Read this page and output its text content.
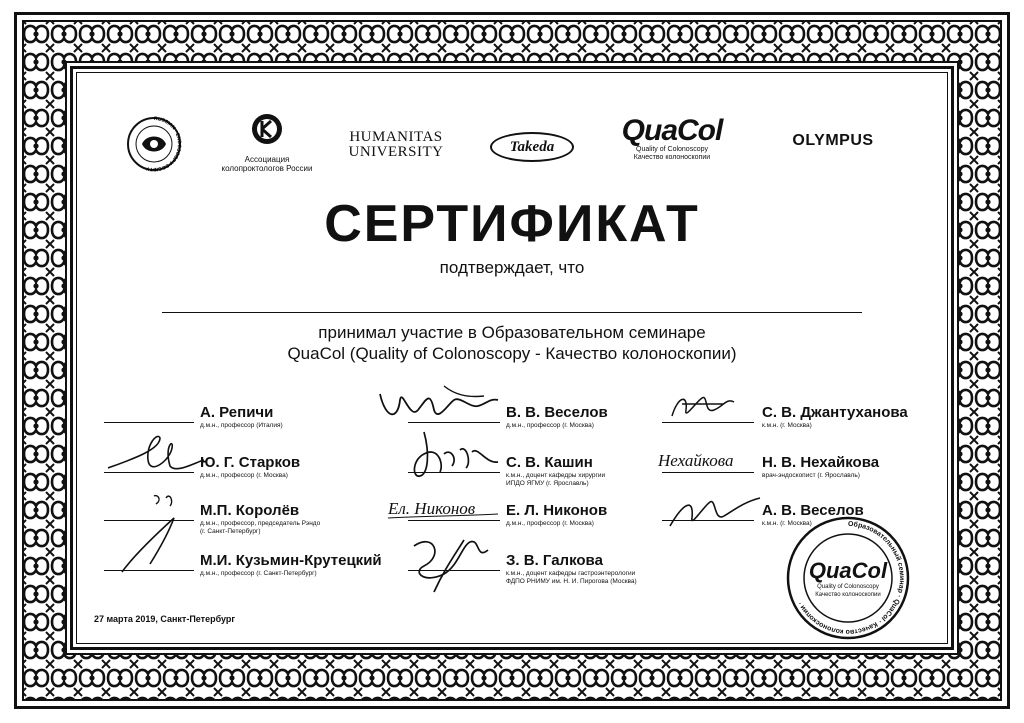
RUSSIAN · ENDOSCOPY SOCIETY
Ассоциация
колопроктологов России
HUMANITAS
UNIVERSITY	Takeda	QuaCol
Quality of Colonoscopy
Качество колоноскопии
OLYMPUS
СЕРТИФИКАТ
подтверждает, что
принимал участие в Образовательном семинаре
QuaCol (Quality of Colonoscopy - Качество колоноскопии)
Ел. Никонов
Нехайкова
А. Репичи
д.м.н., профессор (Италия)
Ю. Г. Старков
д.м.н., профессор (г. Москва)
М.П. Королёв
д.м.н., профессор, председатель Рэндо
(г. Санкт-Петербург)
М.И. Кузьмин-Крутецкий
д.м.н., профессор (г. Санкт-Петербург)
В. В. Веселов
д.м.н., профессор (г. Москва)
С. В. Кашин
к.м.н., доцент кафедры хирургии
ИПДО ЯГМУ (г. Ярославль)
Е. Л. Никонов
д.м.н., профессор (г. Москва)
З. В. Галкова
к.м.н., доцент кафедры гастроэнтерологии
ФДПО РНИМУ им. Н. И. Пирогова (Москва)
С. В. Джантуханова
к.м.н. (г. Москва)
Н. В. Нехайкова
врач-эндоскопист (г. Ярославль)
А. В. Веселов
к.м.н. (г. Москва)	Образовательный семинар · QuaCol · Качество колоноскопии ·
QuaCol
Quality of Colonoscopy
Качество колоноскопии
27 марта 2019, Санкт-Петербург
